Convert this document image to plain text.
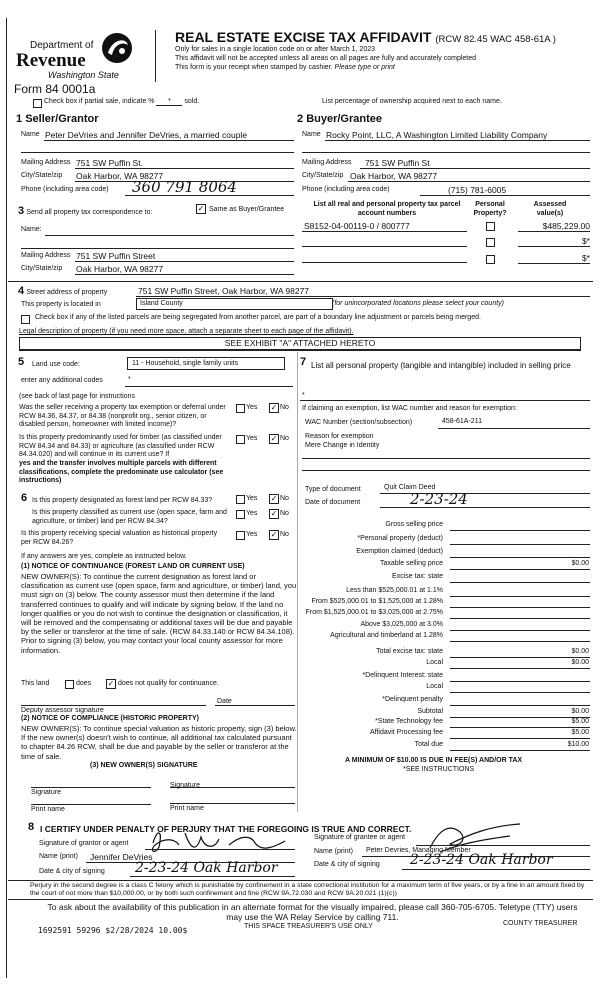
Department of
Revenue
Washington State
REAL ESTATE EXCISE TAX AFFIDAVIT (RCW 82.45 WAC 458-61A )
Only for sales in a single location code on or after March 1, 2023
This affidavit will not be accepted unless all areas on all pages are fully and accurately completed
This form is your receipt when stamped by cashier. Please type or print
Form 84 0001a
Check box if partial sale, indicate % * sold.	List percentage of ownership acquired next to each name.
1 Seller/Grantor
Name Peter DeVries and Jennifer DeVries, a married couple
Mailing Address 751 SW Puffin St.
City/State/zip Oak Harbor, WA 98277
Phone (including area code) 360 791 8064
2 Buyer/Grantee
Name Rocky Point, LLC, A Washington Limited Liability Company
Mailing Address 751 SW Puffin St
City/State/zip Oak Harbor, WA 98277
Phone (including area code)	(715) 781-6005
3 Send all property tax correspondence to:	✓ Same as Buyer/Grantee
Name:
Mailing Address 751 SW Puffin Street
City/State/zip Oak Harbor, WA 98277
List all real and personal property tax parcel account numbers
Personal Property?
Assessed value(s)
S8152-04-00119-0 / 800777	$485,229.00
$*
$*
4 Street address of property	751 SW Puffin Street, Oak Harbor, WA 98277
This property is located in	Island County	(for unincorporated locations please select your county)
Check box if any of the listed parcels are being segregated from another parcel, are part of a boundary line adjustment or parcels being merged.
Legal description of property (if you need more space, attach a separate sheet to each page of the affidavit).
SEE EXHIBIT "A" ATTACHED HERETO
5 Land use code:	11 - Household, single family units
enter any additional codes	*
(see back of last page for instructions
Was the seller receiving a property tax exemption or deferral under RCW 84.36, 84.37, or 84.38 (nonprofit org., senior citizen, or disabled person, homeowner with limited income)?
Yes ✓ No
Is this property predominantly used for timber (as classified under RCW 84.34 and 84.33) or agriculture (as classified under RCW 84.34.020) and will continue in its current use? If
yes and the transfer involves multiple parcels with different classifications, complete the predominate use calculator (see instructions)
Yes ✓ No
6 Is this property designated as forest land per RCW 84.33?	Yes ✓ No
Is this property classified as current use (open space, farm and agriculture, or timber) land per RCW 84.34?
Yes ✓ No
Is this property receiving special valuation as historical property per RCW 84.26?
Yes ✓ No
If any answers are yes, complete as instructed below.
(1) NOTICE OF CONTINUANCE (FOREST LAND OR CURRENT USE)
NEW OWNER(S): To continue the current designation as forest land or classification as current use (open space, farm and agriculture, or timber) land, you must sign on (3) below. The county assessor must then determine if the land transferred continues to qualify and will indicate by signing below. If the land no longer qualifies or you do not wish to continue the designation or classification, it will be removed and the compensating or additional taxes will be due and payable by the seller or transferor at the time of sale. (RCW 84.33.140 or RCW 84.34.108). Prior to signing (3) below, you may contact your local county assessor for more information.
This land	does ✓ does not qualify for continuance.
Deputy assessor signature
Date
(2) NOTICE OF COMPLIANCE (HISTORIC PROPERTY)
NEW OWNER(S): To continue special valuation as historic property, sign (3) below. If the new owner(s) doesn't wish to continue, all additional tax calculated pursuant to chapter 84.26 RCW, shall be due and payable by the seller or transferor at the time of sale.
(3) NEW OWNER(S) SIGNATURE
Signature
Signature
Print name	Print name
7 List all personal property (tangible and intangible) included in selling price
*
If claiming an exemption, list WAC number and reason for exemption:
WAC Number (section/subsection)	458-61A-211
Reason for exemption
Mere Change in Identity
Type of document	Quit Claim Deed
Date of document	2-23-24
Gross selling price
*Personal property (deduct)
Exemption claimed (deduct)
Taxable selling price	$0.00
Excise tax: state
Less than $525,000.01 at 1.1%
From $525,000.01 to $1,525,000 at 1.28%
From $1,525,000.01 to $3,025,000 at 2.75%
Above $3,025,000 at 3.0%
Agricultural and timberland at 1.28%
Total excise tax: state	$0.00
Local	$0.00
*Delinquent Interest: state
Local
*Delinquent penalty
Subtotal	$0.00
*State Technology fee	$5.00
Affidavit Processing fee	$5.00
Total due	$10.00
A MINIMUM OF $10.00 IS DUE IN FEE(S) AND/OR TAX
*SEE INSTRUCTIONS
8 I CERTIFY UNDER PENALTY OF PERJURY THAT THE FOREGOING IS TRUE AND CORRECT.
Signature of grantor or agent
Name (print) Jennifer DeVries
Date & city of signing 2-23-24 Oak Harbor
Signature of grantee or agent
Name (print) Peter Devries, Managing Member
Date & city of signing 2-23-24 Oak Harbor
Perjury in the second degree is a class C felony which is punishable by confinement in a state correctional institution for a maximum term of five years, or by a fine in an amount fixed by the court of not more than $10,000.00, or by both such confinement and fine (RCW 9A.72.030 and RCW 9A.20.021 (1)(c))
To ask about the availability of this publication in an alternate format for the visually impaired, please call 360-705-6705. Teletype (TTY) users may use the WA Relay Service by calling 711.
1692591 59296 $2/28/2024 10.00$	THIS SPACE TREASURER'S USE ONLY	COUNTY TREASURER
